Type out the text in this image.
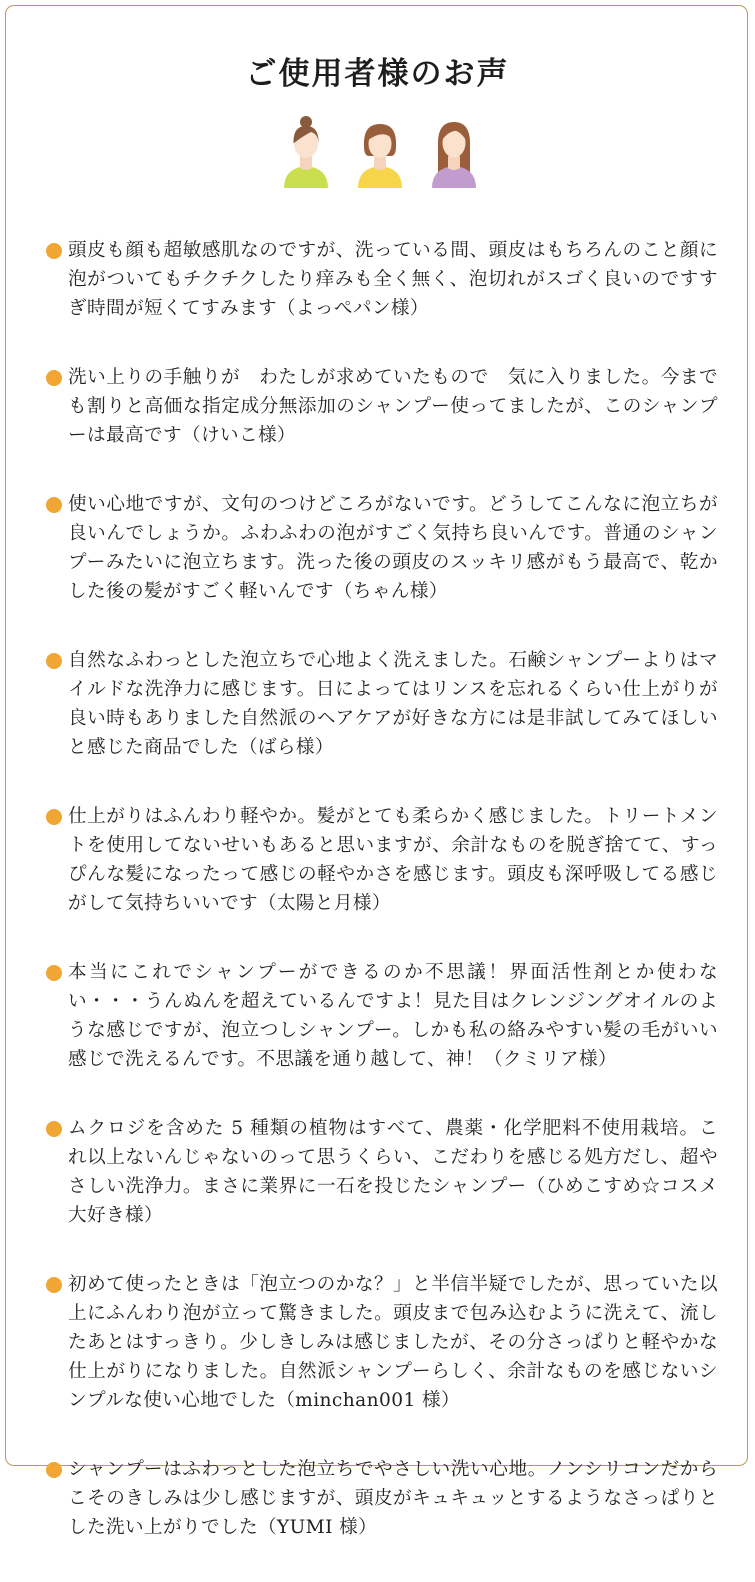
ご使用者様のお声
頭皮も顔も超敏感肌なのですが、洗っている間、頭皮はもちろんのこと顔に泡がついてもチクチクしたり痒みも全く無く、泡切れがスゴく良いのですすぎ時間が短くてすみます（よっぺパン様）
洗い上りの手触りが　わたしが求めていたもので　気に入りました。今までも割りと高価な指定成分無添加のシャンプー使ってましたが、このシャンプーは最高です（けいこ様）
使い心地ですが、文句のつけどころがないです。どうしてこんなに泡立ちが良いんでしょうか。ふわふわの泡がすごく気持ち良いんです。普通のシャンプーみたいに泡立ちます。洗った後の頭皮のスッキリ感がもう最高で、乾かした後の髪がすごく軽いんです（ちゃん様）
自然なふわっとした泡立ちで心地よく洗えました。石鹸シャンプーよりはマイルドな洗浄力に感じます。日によってはリンスを忘れるくらい仕上がりが良い時もありました自然派のヘアケアが好きな方には是非試してみてほしいと感じた商品でした（ばら様）
仕上がりはふんわり軽やか。髪がとても柔らかく感じました。トリートメントを使用してないせいもあると思いますが、余計なものを脱ぎ捨てて、すっぴんな髪になったって感じの軽やかさを感じます。頭皮も深呼吸してる感じがして気持ちいいです（太陽と月様）
本当にこれでシャンプーができるのか不思議！界面活性剤とか使わない・・・うんぬんを超えているんですよ！見た目はクレンジングオイルのような感じですが、泡立つしシャンプー。しかも私の絡みやすい髪の毛がいい感じで洗えるんです。不思議を通り越して、神！（クミリア様）
ムクロジを含めた 5 種類の植物はすべて、農薬・化学肥料不使用栽培。これ以上ないんじゃないのって思うくらい、こだわりを感じる処方だし、超やさしい洗浄力。まさに業界に一石を投じたシャンプー（ひめこすめ☆コスメ大好き様）
初めて使ったときは「泡立つのかな？」と半信半疑でしたが、思っていた以上にふんわり泡が立って驚きました。頭皮まで包み込むように洗えて、流したあとはすっきり。少しきしみは感じましたが、その分さっぱりと軽やかな仕上がりになりました。自然派シャンプーらしく、余計なものを感じないシンプルな使い心地でした（minchan001 様）
シャンプーはふわっとした泡立ちでやさしい洗い心地。ノンシリコンだからこそのきしみは少し感じますが、頭皮がキュキュッとするようなさっぱりとした洗い上がりでした（YUMI 様）
